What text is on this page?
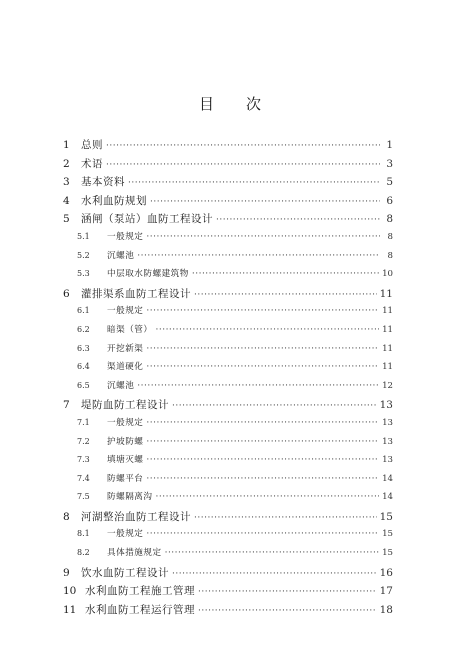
目 次
1	总则 ·····	1
2	术语 ·····	3
3	基本资料 ·····	5
4	水利血防规划 ·····	6
5	涵闸（泵站）血防工程设计 ·····	8
5.1	一般规定 ·····	8
5.2	沉螺池 ·····	8
5.3	中层取水防螺建筑物 ·····	10
6	灌排渠系血防工程设计 ·····	11
6.1	一般规定 ·····	11
6.2	暗渠（管） ·····	11
6.3	开挖新渠 ·····	11
6.4	渠道硬化 ·····	11
6.5	沉螺池 ·····	12
7	堤防血防工程设计 ·····	13
7.1	一般规定 ·····	13
7.2	护坡防螺 ·····	13
7.3	填塘灭螺 ·····	13
7.4	防螺平台 ·····	14
7.5	防螺隔离沟 ·····	14
8	河湖整治血防工程设计 ·····	15
8.1	一般规定 ·····	15
8.2	具体措施规定 ·····	15
9	饮水血防工程设计 ·····	16
10 水利血防工程施工管理 ·····	17
11 水利血防工程运行管理 ·····	18
